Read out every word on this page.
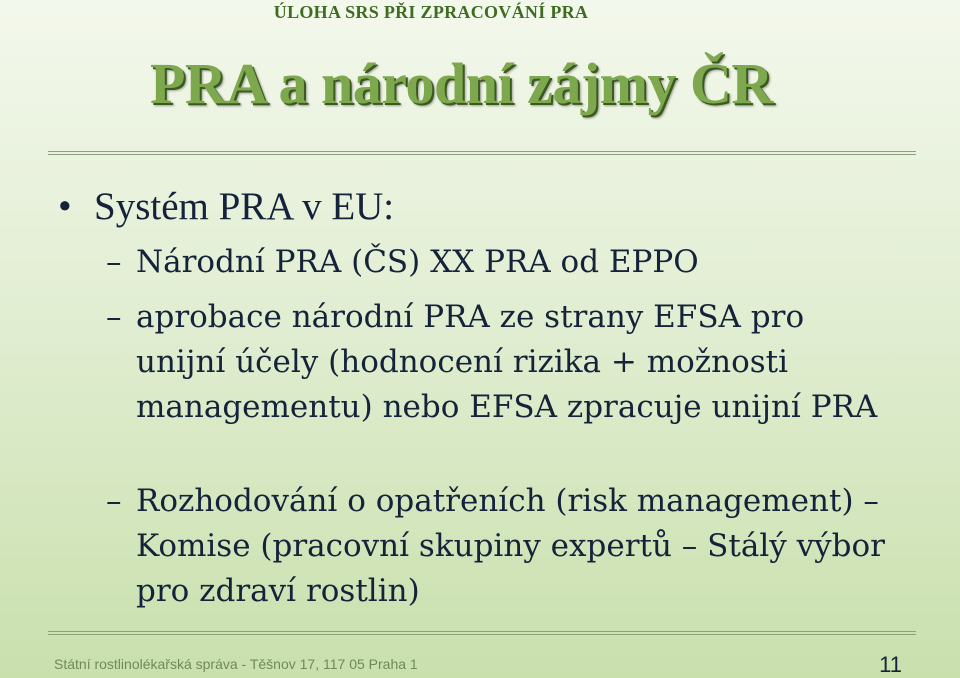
ÚLOHA SRS PŘI ZPRACOVÁNÍ PRA
PRA a národní zájmy ČR
• Systém PRA v EU:
– Národní PRA (ČS) XX PRA od EPPO
– aprobace národní PRA ze strany EFSA pro unijní účely (hodnocení rizika + možnosti managementu) nebo EFSA zpracuje unijní PRA
– Rozhodování o opatřeních (risk management) – Komise (pracovní skupiny expertů – Stálý výbor pro zdraví rostlin)
Státní rostlinolékařská správa - Těšnov 17, 117 05 Praha 1	11
